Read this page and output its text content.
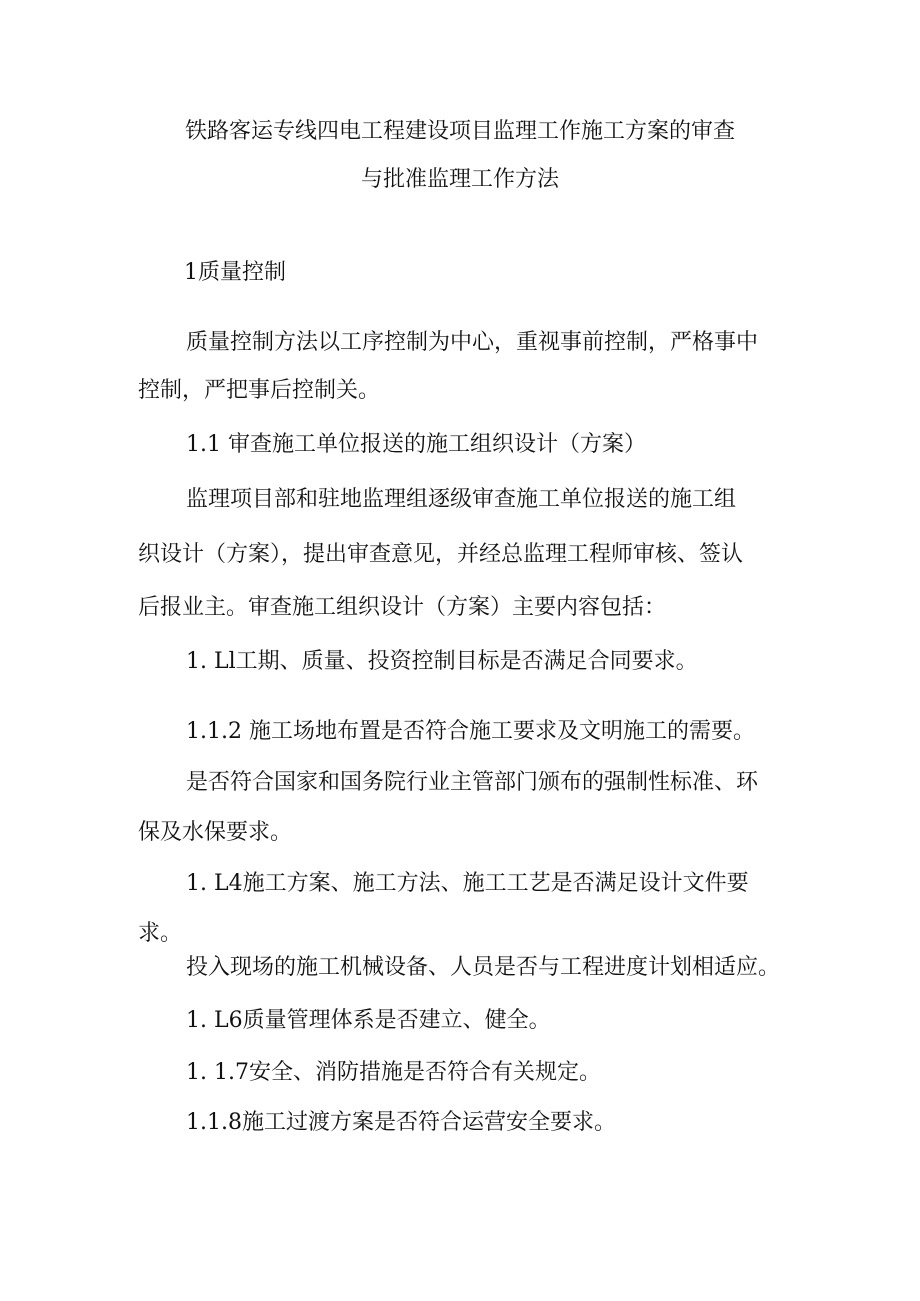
铁路客运专线四电工程建设项目监理工作施工方案的审查
与批准监理工作方法
1质量控制
质量控制方法以工序控制为中心，重视事前控制，严格事中
控制，严把事后控制关。
1.1 审查施工单位报送的施工组织设计（方案）
监理项目部和驻地监理组逐级审查施工单位报送的施工组
织设计（方案），提出审查意见，并经总监理工程师审核、签认
后报业主。审查施工组织设计（方案）主要内容包括：
1. Ll工期、质量、投资控制目标是否满足合同要求。
1.1.2 施工场地布置是否符合施工要求及文明施工的需要。
是否符合国家和国务院行业主管部门颁布的强制性标准、环
保及水保要求。
1. L4施工方案、施工方法、施工工艺是否满足设计文件要
求。
投入现场的施工机械设备、人员是否与工程进度计划相适应。
1. L6质量管理体系是否建立、健全。
1. 1.7安全、消防措施是否符合有关规定。
1.1.8施工过渡方案是否符合运营安全要求。
